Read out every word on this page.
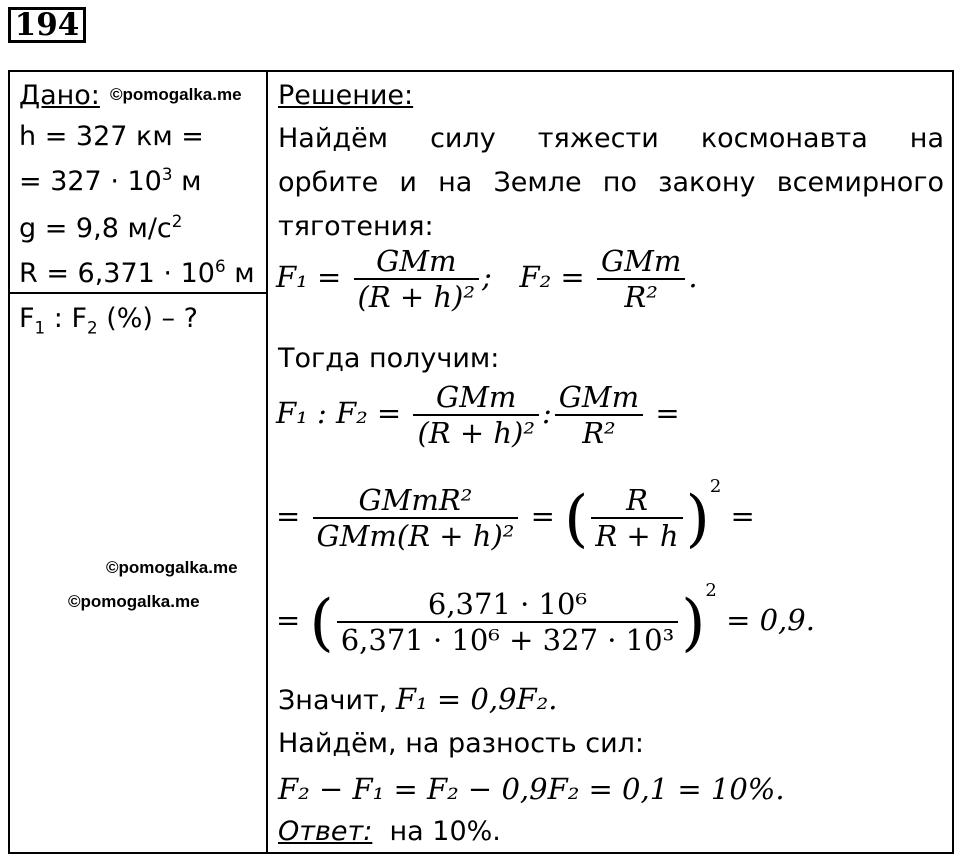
194
Дано: ©pomogalka.me
h = 327 км =
= $327 \cdot 10^3$ м
g = 9,8 $м/с^2$
$R = 6,371 \cdot 10^6$ м
$F_1$ : $F_2$ (%) – ?
©pomogalka.me
©pomogalka.me
Решение:
Найдём силу тяжести космонавта на
орбите и на Земле по закону всемирного
тяготения:
$F_1 = \frac{\text{GMm}}{\text{(R + h)²}}$ ; $F_2 = \frac{\text{GMm}}{\text{R²}}$ .
Тогда получим:
F₁ : $F_2 = \frac{\text{GMm}}{\text{(R + h)²}}$ : $\frac{\text{GMm}}{\text{R²}}$ =
= $\frac{\text{GMmR²}}{\text{GMm(R + h)²}}$ = ( $\frac{R}{R + h} )^2$ =
= ( $\frac{\text{6,371 · 10⁶}}{\text{6,371 · 10⁶ + 327 · 10³}} )^2 = 0,9$.
Значит, F₁ = 0,9F₂.
Найдём, на разность сил:
F₂ − F₁ = F₂ − 0,9F₂ = 0,1 = 10%.
Ответ: на 10%.
